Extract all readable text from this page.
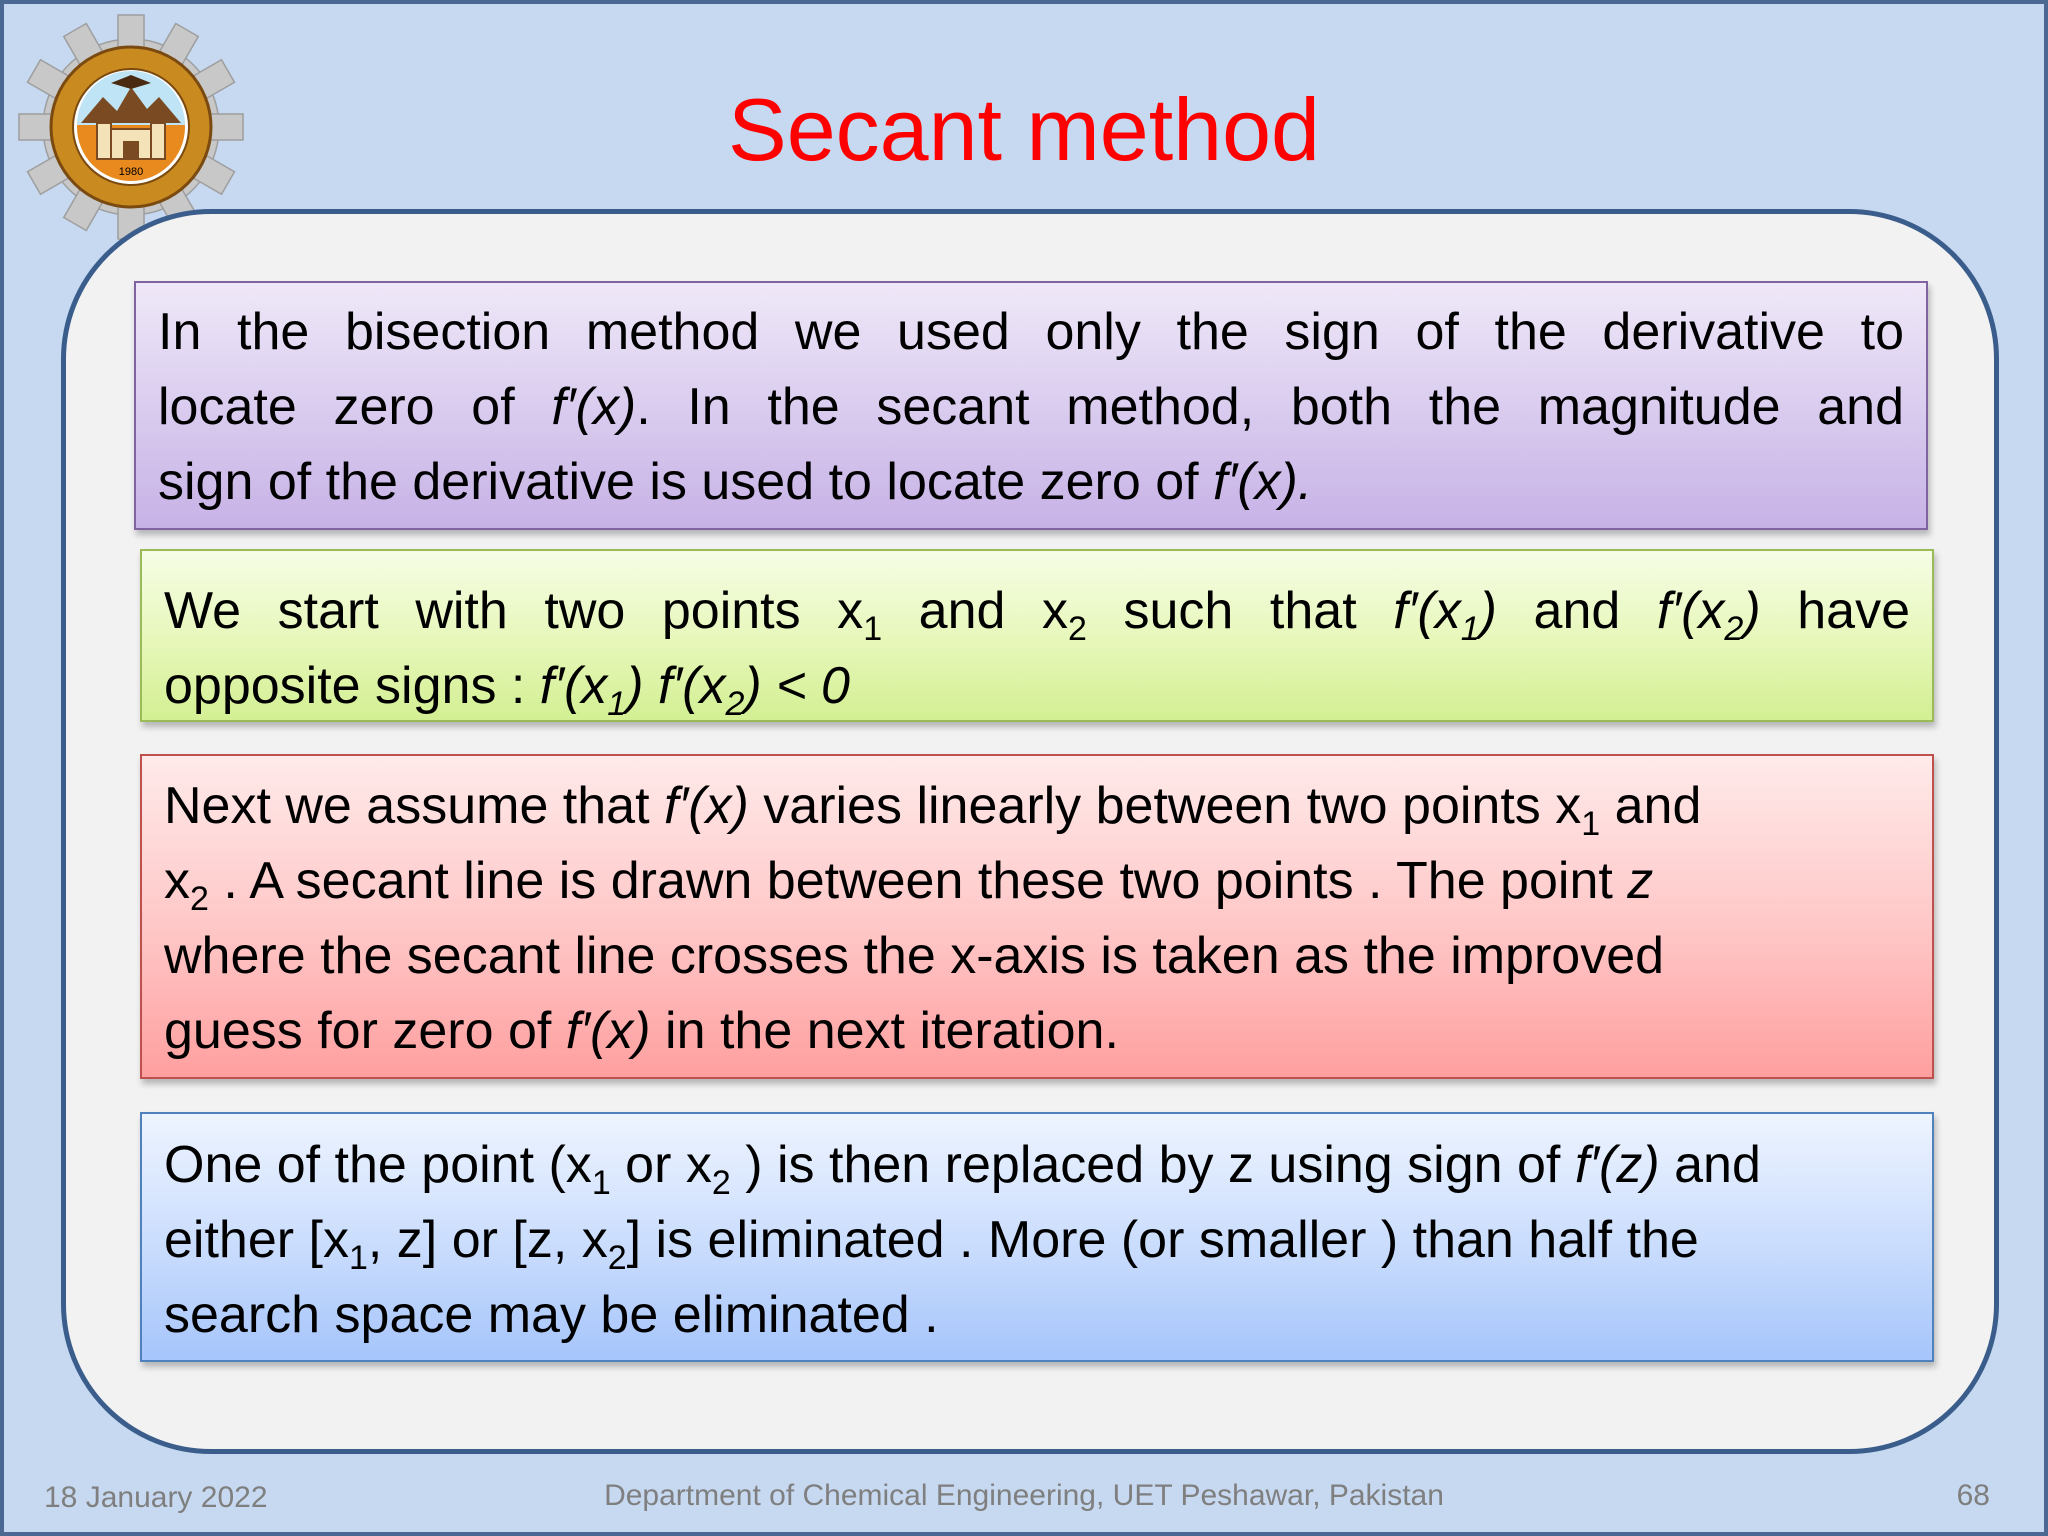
1980	Secant method

In the bisection method we used only the sign of the derivative to

locate zero of f′(x). In the secant method, both the magnitude and

sign of the derivative is used to locate zero of f′(x).

We start with two points $x_1$ and $x_2$ such that $f'(x_1)$ and $f'(x_2)$ have

opposite signs : $f'(x_1) f'(x_2) < 0$

Next we assume that f′(x) varies linearly between two points $x_1$ and

$x_2$ . A secant line is drawn between these two points . The point z

where the secant line crosses the x-axis is taken as the improved

guess for zero of f′(x) in the next iteration.

One of the point ($x_1$ or $x_2$ ) is then replaced by z using sign of f′(z) and

either [$x_1$, z] or [z, $x_2$] is eliminated . More (or smaller ) than half the

search space may be eliminated .

18 January 2022	Department of Chemical Engineering, UET Peshawar, Pakistan	68
